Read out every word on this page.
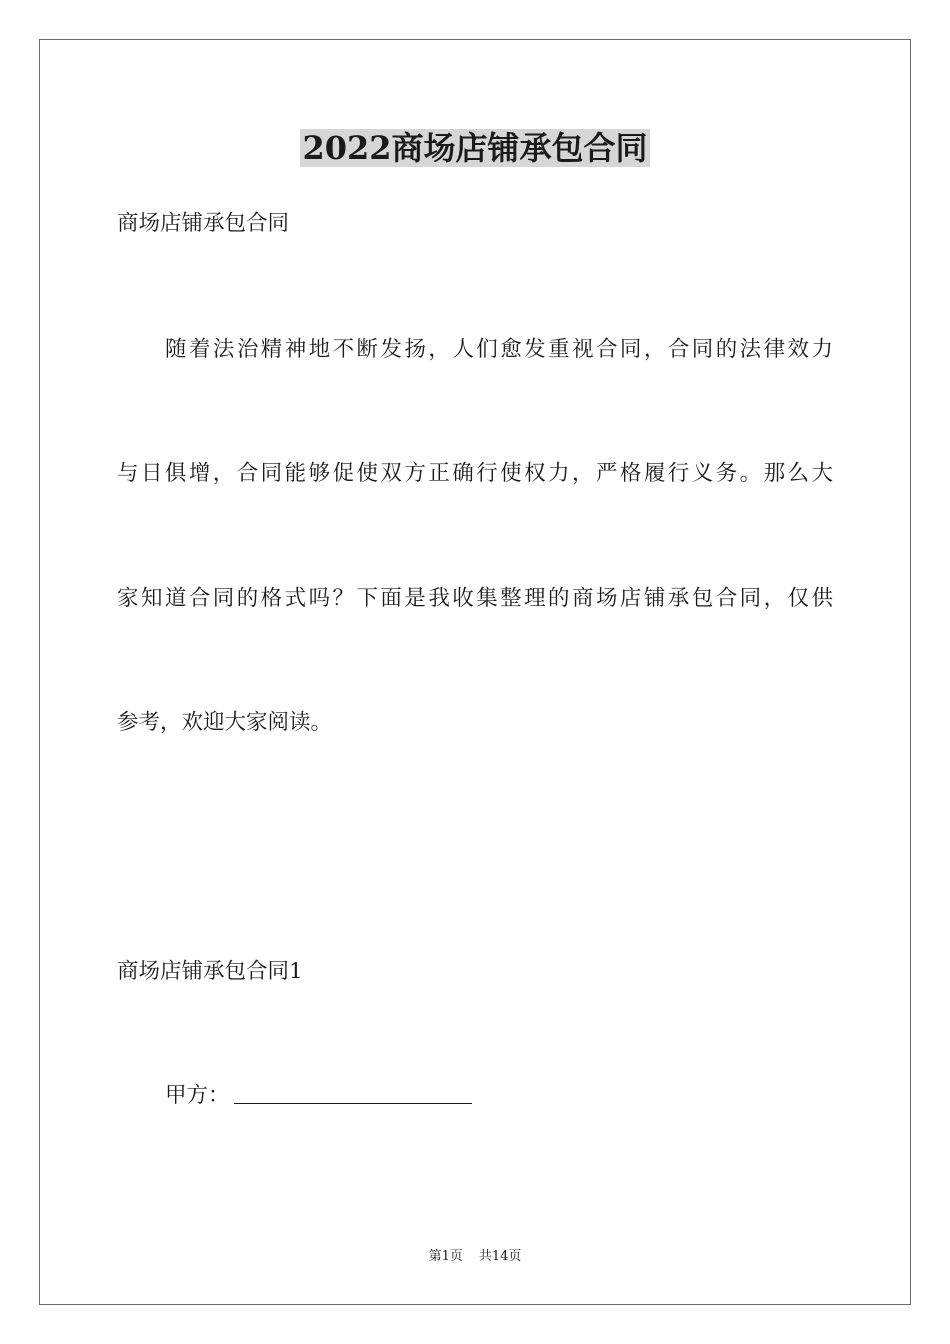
2022商场店铺承包合同
商场店铺承包合同
随着法治精神地不断发扬，人们愈发重视合同，合同的法律效力
与日俱增，合同能够促使双方正确行使权力，严格履行义务。那么大
家知道合同的格式吗？下面是我收集整理的商场店铺承包合同，仅供
参考，欢迎大家阅读。
商场店铺承包合同1
甲方：
第1页 共14页
